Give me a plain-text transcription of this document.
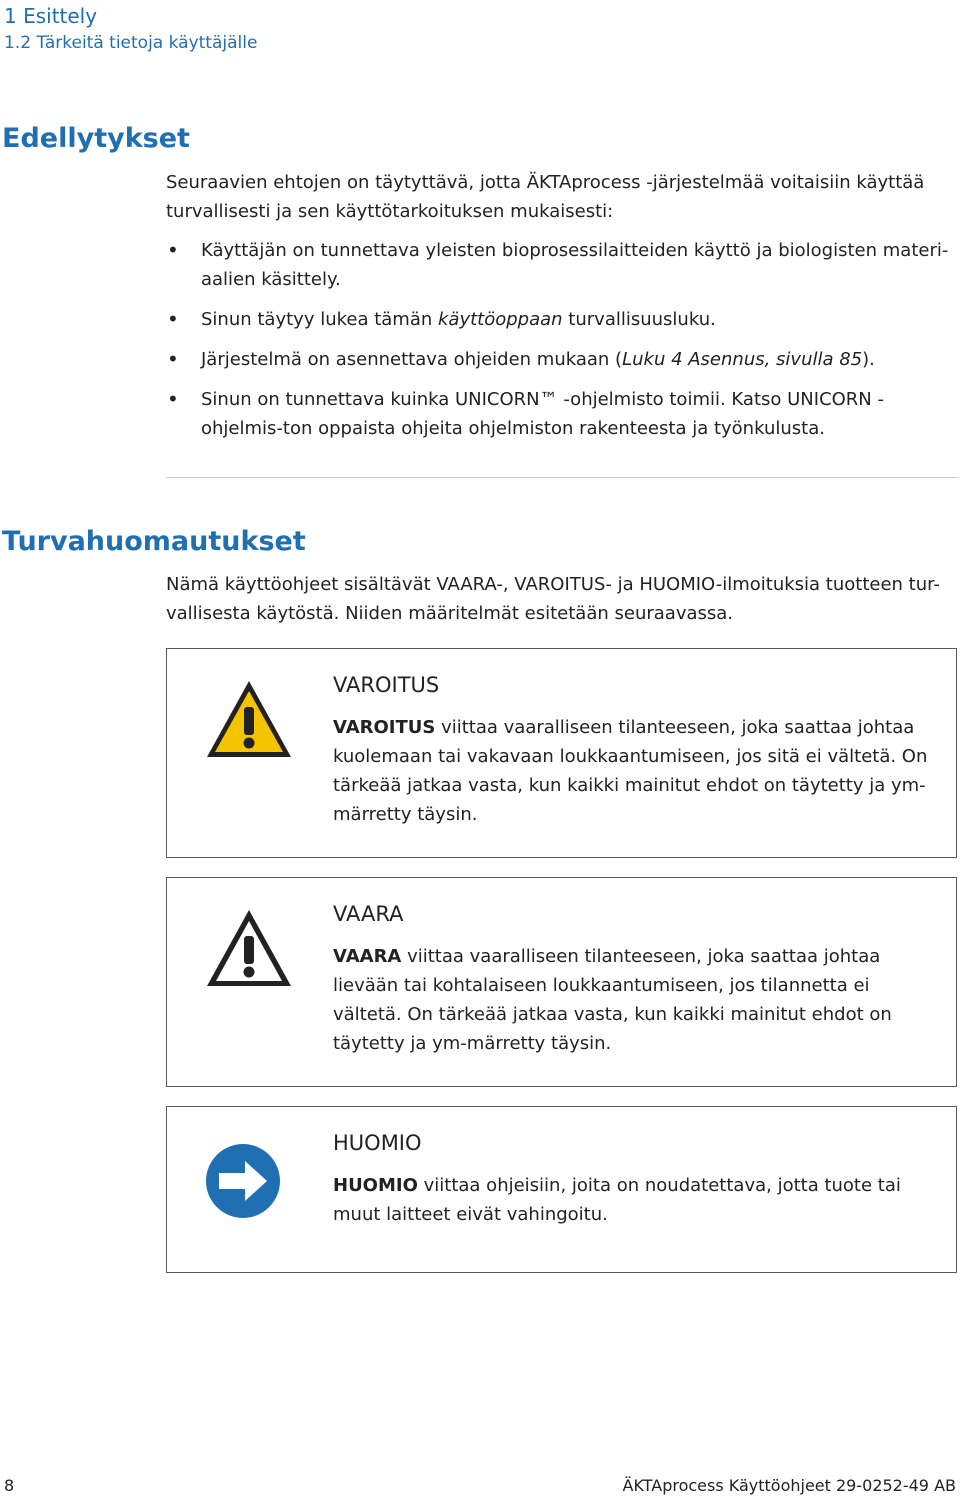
1 Esittely
1.2 Tärkeitä tietoja käyttäjälle
Edellytykset
Seuraavien ehtojen on täytyttävä, jotta ÄKTAprocess -järjestelmää voitaisiin käyttää turvallisesti ja sen käyttötarkoituksen mukaisesti:
• Käyttäjän on tunnettava yleisten bioprosessilaitteiden käyttö ja biologisten materi-aalien käsittely.
• Sinun täytyy lukea tämän käyttöoppaan turvallisuusluku.
• Järjestelmä on asennettava ohjeiden mukaan (Luku 4 Asennus, sivulla 85).
• Sinun on tunnettava kuinka UNICORN™ -ohjelmisto toimii. Katso UNICORN -ohjelmis-ton oppaista ohjeita ohjelmiston rakenteesta ja työnkulusta.
Turvahuomautukset
Nämä käyttöohjeet sisältävät VAARA-, VAROITUS- ja HUOMIO-ilmoituksia tuotteen tur-vallisesta käytöstä. Niiden määritelmät esitetään seuraavassa.
VAROITUS
VAROITUS viittaa vaaralliseen tilanteeseen, joka saattaa johtaa kuolemaan tai vakavaan loukkaantumiseen, jos sitä ei vältetä. On tärkeää jatkaa vasta, kun kaikki mainitut ehdot on täytetty ja ym-märretty täysin.
VAARA
VAARA viittaa vaaralliseen tilanteeseen, joka saattaa johtaa lievään tai kohtalaiseen loukkaantumiseen, jos tilannetta ei vältetä. On tärkeää jatkaa vasta, kun kaikki mainitut ehdot on täytetty ja ym-märretty täysin.
HUOMIO
HUOMIO viittaa ohjeisiin, joita on noudatettava, jotta tuote tai muut laitteet eivät vahingoitu.
8	ÄKTAprocess Käyttöohjeet 29-0252-49 AB
